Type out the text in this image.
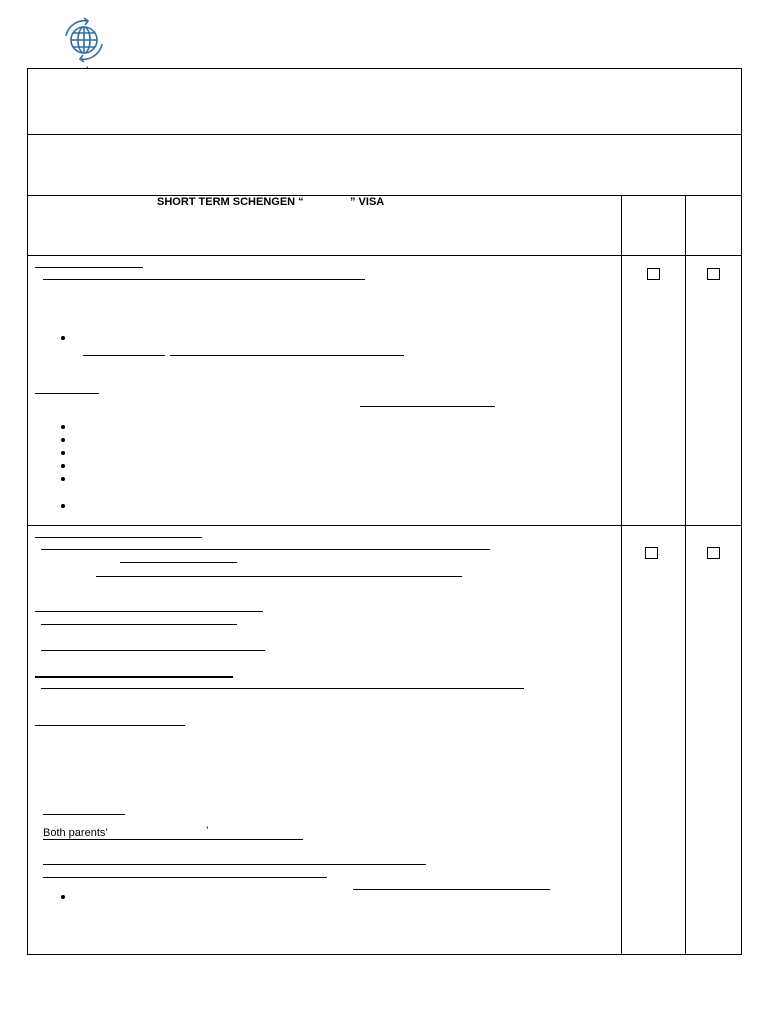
’
SHORT TERM SCHENGEN “	” VISA
Both parents’	’
